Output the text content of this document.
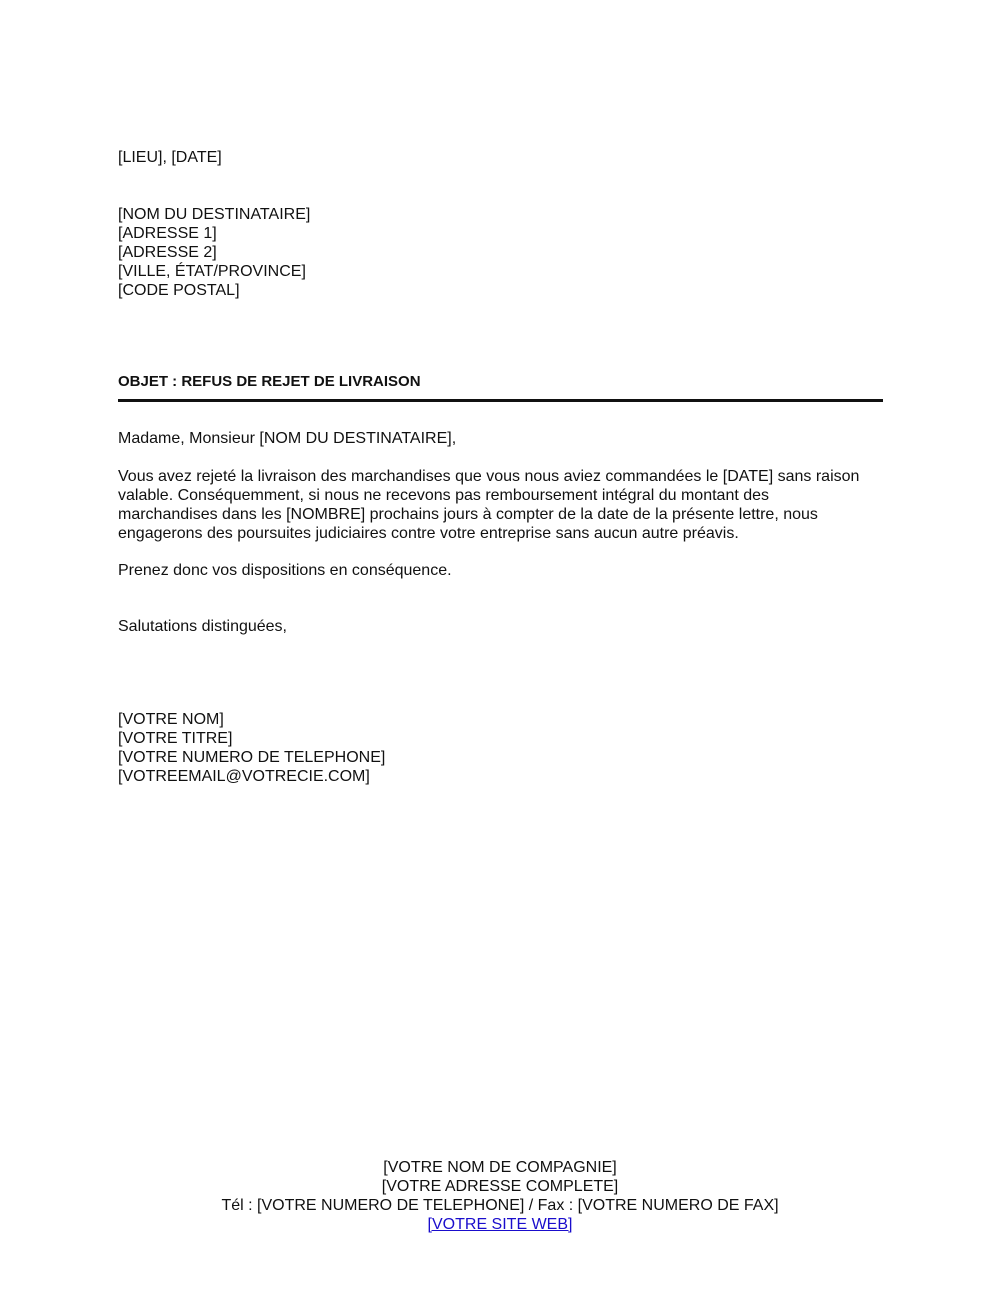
[LIEU], [DATE]
[NOM DU DESTINATAIRE]
[ADRESSE 1]
[ADRESSE 2]
[VILLE, ÉTAT/PROVINCE]
[CODE POSTAL]
OBJET : REFUS DE REJET DE LIVRAISON
Madame, Monsieur [NOM DU DESTINATAIRE],
Vous avez rejeté la livraison des marchandises que vous nous aviez commandées le [DATE] sans raison
valable. Conséquemment, si nous ne recevons pas remboursement intégral du montant des
marchandises dans les [NOMBRE] prochains jours à compter de la date de la présente lettre, nous
engagerons des poursuites judiciaires contre votre entreprise sans aucun autre préavis.
Prenez donc vos dispositions en conséquence.
Salutations distinguées,
[VOTRE NOM]
[VOTRE TITRE]
[VOTRE NUMERO DE TELEPHONE]
[VOTREEMAIL@VOTRECIE.COM]
[VOTRE NOM DE COMPAGNIE]
[VOTRE ADRESSE COMPLETE]
Tél : [VOTRE NUMERO DE TELEPHONE] / Fax : [VOTRE NUMERO DE FAX]
[VOTRE SITE WEB]
